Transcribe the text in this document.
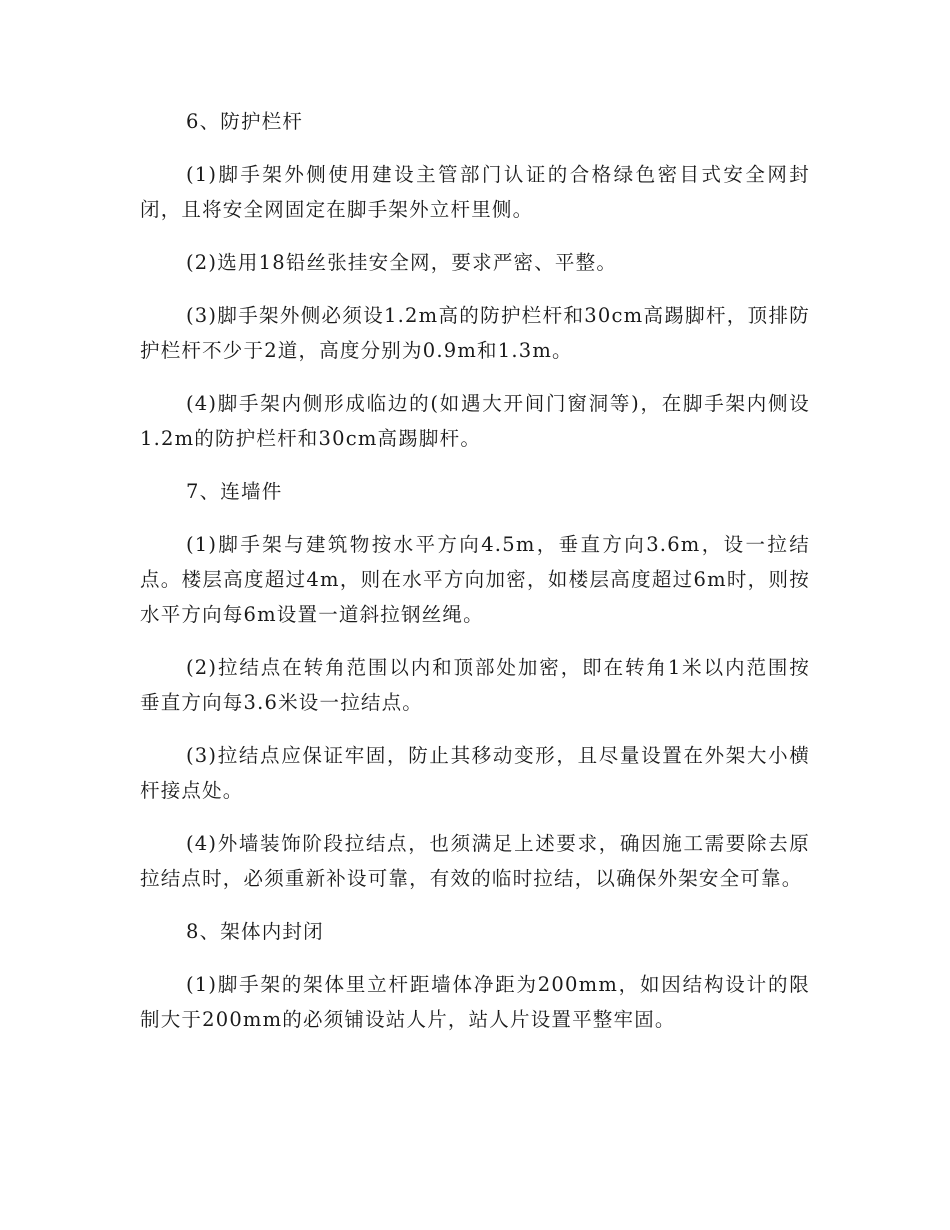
6、防护栏杆

(1)脚手架外侧使用建设主管部门认证的合格绿色密目式安全网封闭，且将安全网固定在脚手架外立杆里侧。

(2)选用18铅丝张挂安全网，要求严密、平整。

(3)脚手架外侧必须设1.2m高的防护栏杆和30cm高踢脚杆，顶排防护栏杆不少于2道，高度分别为0.9m和1.3m。

(4)脚手架内侧形成临边的(如遇大开间门窗洞等)，在脚手架内侧设1.2m的防护栏杆和30cm高踢脚杆。

7、连墙件

(1)脚手架与建筑物按水平方向4.5m，垂直方向3.6m，设一拉结点。楼层高度超过4m，则在水平方向加密，如楼层高度超过6m时，则按水平方向每6m设置一道斜拉钢丝绳。

(2)拉结点在转角范围以内和顶部处加密，即在转角1米以内范围按垂直方向每3.6米设一拉结点。

(3)拉结点应保证牢固，防止其移动变形，且尽量设置在外架大小横杆接点处。

(4)外墙装饰阶段拉结点，也须满足上述要求，确因施工需要除去原拉结点时，必须重新补设可靠，有效的临时拉结，以确保外架安全可靠。

8、架体内封闭

(1)脚手架的架体里立杆距墙体净距为200mm，如因结构设计的限制大于200mm的必须铺设站人片，站人片设置平整牢固。
